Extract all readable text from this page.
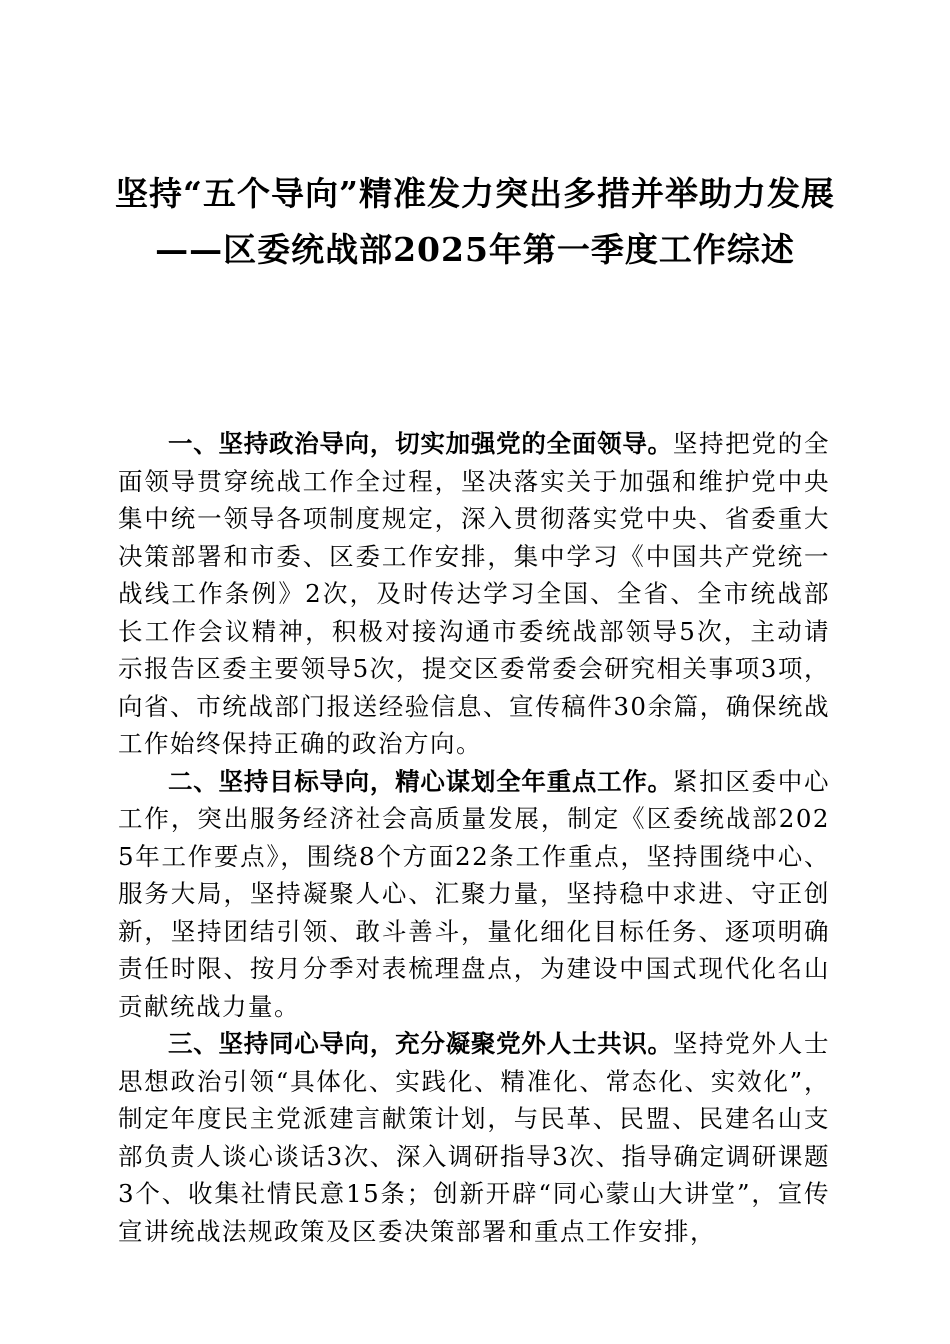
坚持“五个导向”精准发力突出多措并举助力发展——区委统战部2025年第一季度工作综述

一、坚持政治导向，切实加强党的全面领导。坚持把党的全面领导贯穿统战工作全过程，坚决落实关于加强和维护党中央集中统一领导各项制度规定，深入贯彻落实党中央、省委重大决策部署和市委、区委工作安排，集中学习《中国共产党统一战线工作条例》2次，及时传达学习全国、全省、全市统战部长工作会议精神，积极对接沟通市委统战部领导5次，主动请示报告区委主要领导5次，提交区委常委会研究相关事项3项，向省、市统战部门报送经验信息、宣传稿件30余篇，确保统战工作始终保持正确的政治方向。

二、坚持目标导向，精心谋划全年重点工作。紧扣区委中心工作，突出服务经济社会高质量发展，制定《区委统战部2025年工作要点》，围绕8个方面22条工作重点，坚持围绕中心、服务大局，坚持凝聚人心、汇聚力量，坚持稳中求进、守正创新，坚持团结引领、敢斗善斗，量化细化目标任务、逐项明确责任时限、按月分季对表梳理盘点，为建设中国式现代化名山贡献统战力量。

三、坚持同心导向，充分凝聚党外人士共识。坚持党外人士思想政治引领“具体化、实践化、精准化、常态化、实效化”，制定年度民主党派建言献策计划，与民革、民盟、民建名山支部负责人谈心谈话3次、深入调研指导3次、指导确定调研课题3个、收集社情民意15条；创新开辟“同心蒙山大讲堂”，宣传宣讲统战法规政策及区委决策部署和重点工作安排，
